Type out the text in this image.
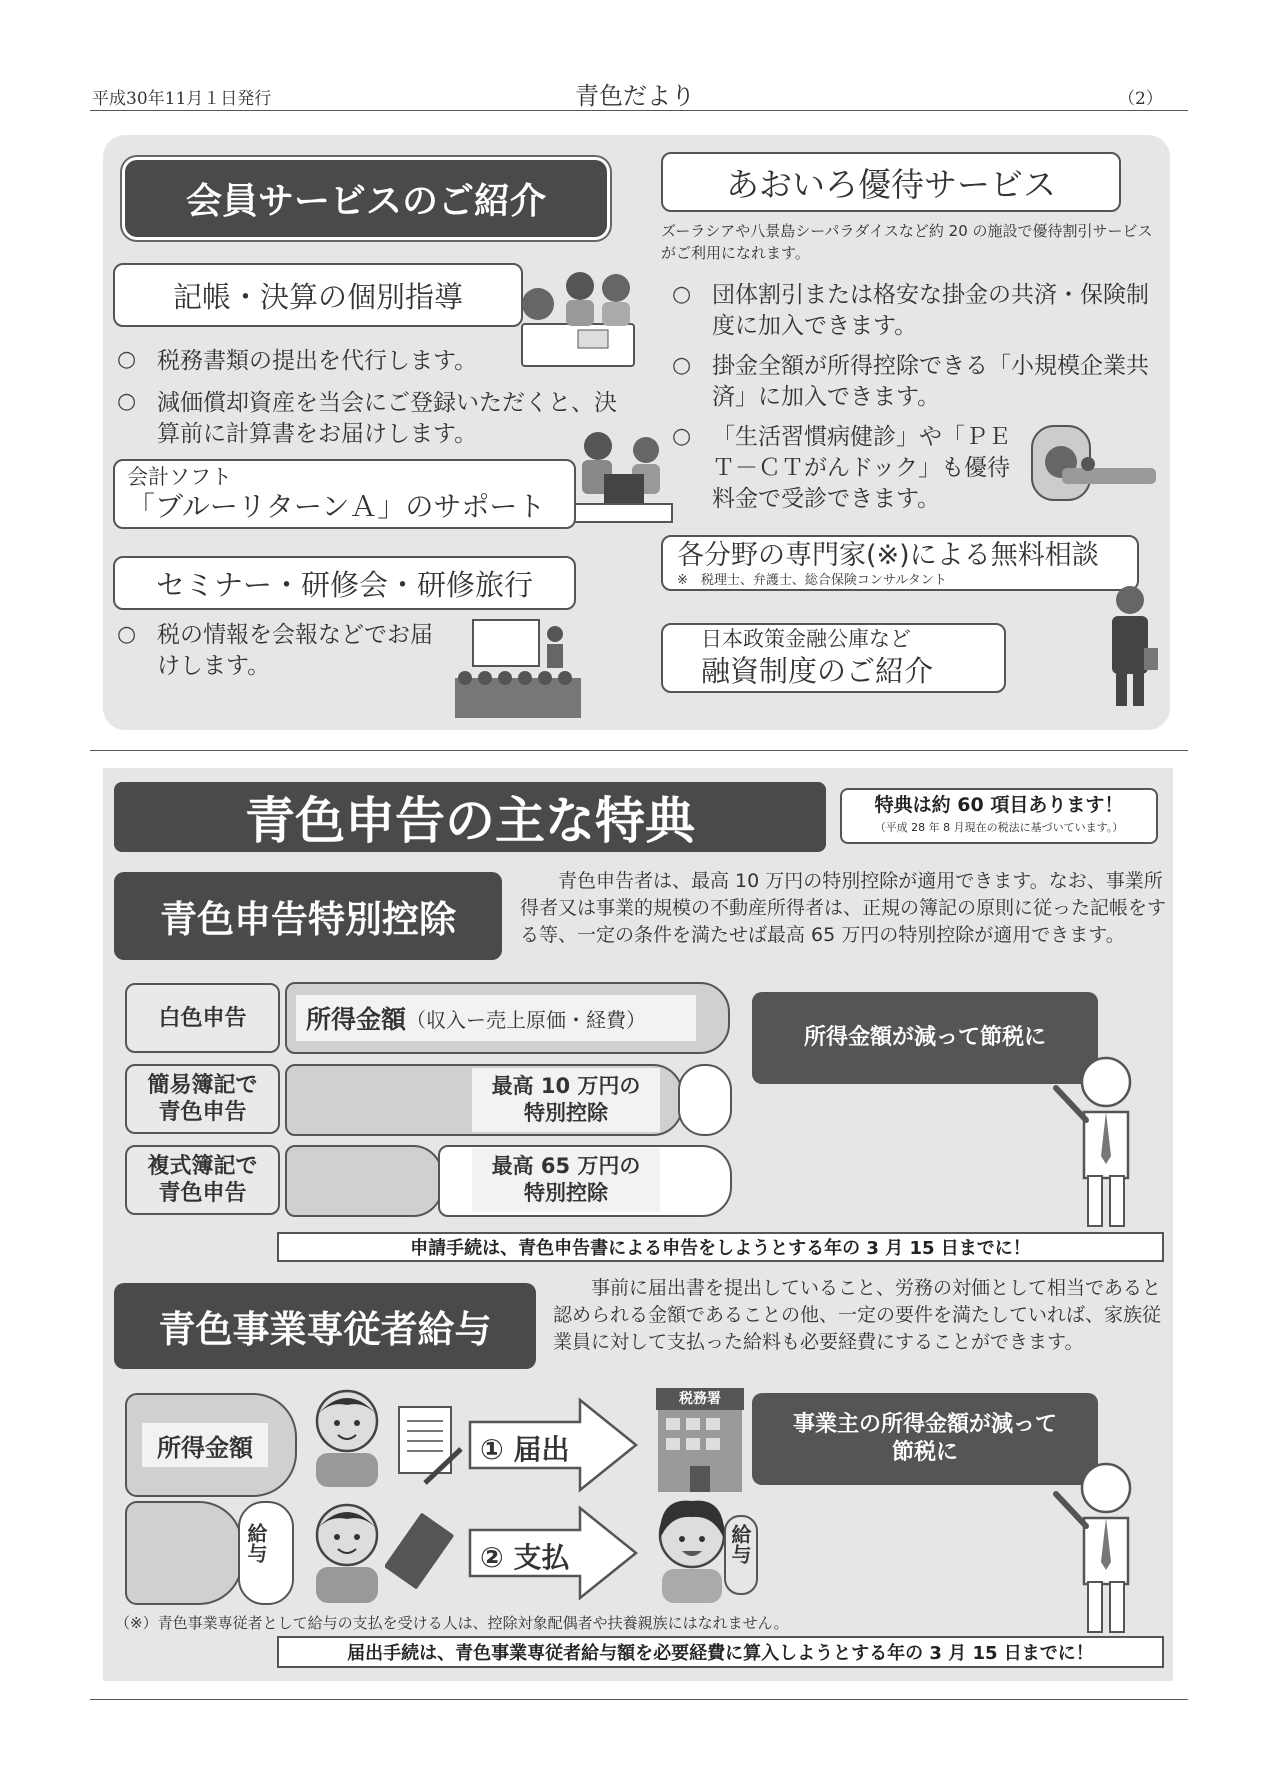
平成30年11月１日発行	青色だより	（2）
会員サービスのご紹介
記帳・決算の個別指導
○ 税務書類の提出を代行します。
○ 減価償却資産を当会にご登録いただくと、決算前に計算書をお届けします。
会計ソフト
「ブルーリターンＡ」のサポート
セミナー・研修会・研修旅行
○ 税の情報を会報などでお届けします。
あおいろ優待サービス
ズーラシアや八景島シーパラダイスなど約 20 の施設で優待割引サービスがご利用になれます。
○ 団体割引または格安な掛金の共済・保険制度に加入できます。
○ 掛金全額が所得控除できる「小規模企業共済」に加入できます。
○ 「生活習慣病健診」や「ＰＥＴ－ＣＴがんドック」も優待料金で受診できます。
各分野の専門家(※)による無料相談
※　税理士、弁護士、総合保険コンサルタント
日本政策金融公庫など
融資制度のご紹介
青色申告の主な特典	特典は約 60 項目あります！
（平成 28 年 8 月現在の税法に基づいています。）
青色申告特別控除
青色申告者は、最高 10 万円の特別控除が適用できます。なお、事業所得者又は事業的規模の不動産所得者は、正規の簿記の原則に従った記帳をする等、一定の条件を満たせば最高 65 万円の特別控除が適用できます。
白色申告	所得金額 （収入ー売上原価・経費）
簡易簿記で
青色申告
最高 10 万円の
特別控除
複式簿記で
青色申告
最高 65 万円の
特別控除
所得金額が減って節税に
申請手続は、青色申告書による申告をしようとする年の 3 月 15 日までに！
青色事業専従者給与
事前に届出書を提出していること、労務の対価として相当であると認められる金額であることの他、一定の要件を満たしていれば、家族従業員に対して支払った給料も必要経費にすることができます。
所得金額	① 届出
税務署
事業主の所得金額が減って
節税に
給与	② 支払	給与
（※）青色事業専従者として給与の支払を受ける人は、控除対象配偶者や扶養親族にはなれません。
届出手続は、青色事業専従者給与額を必要経費に算入しようとする年の 3 月 15 日までに！
